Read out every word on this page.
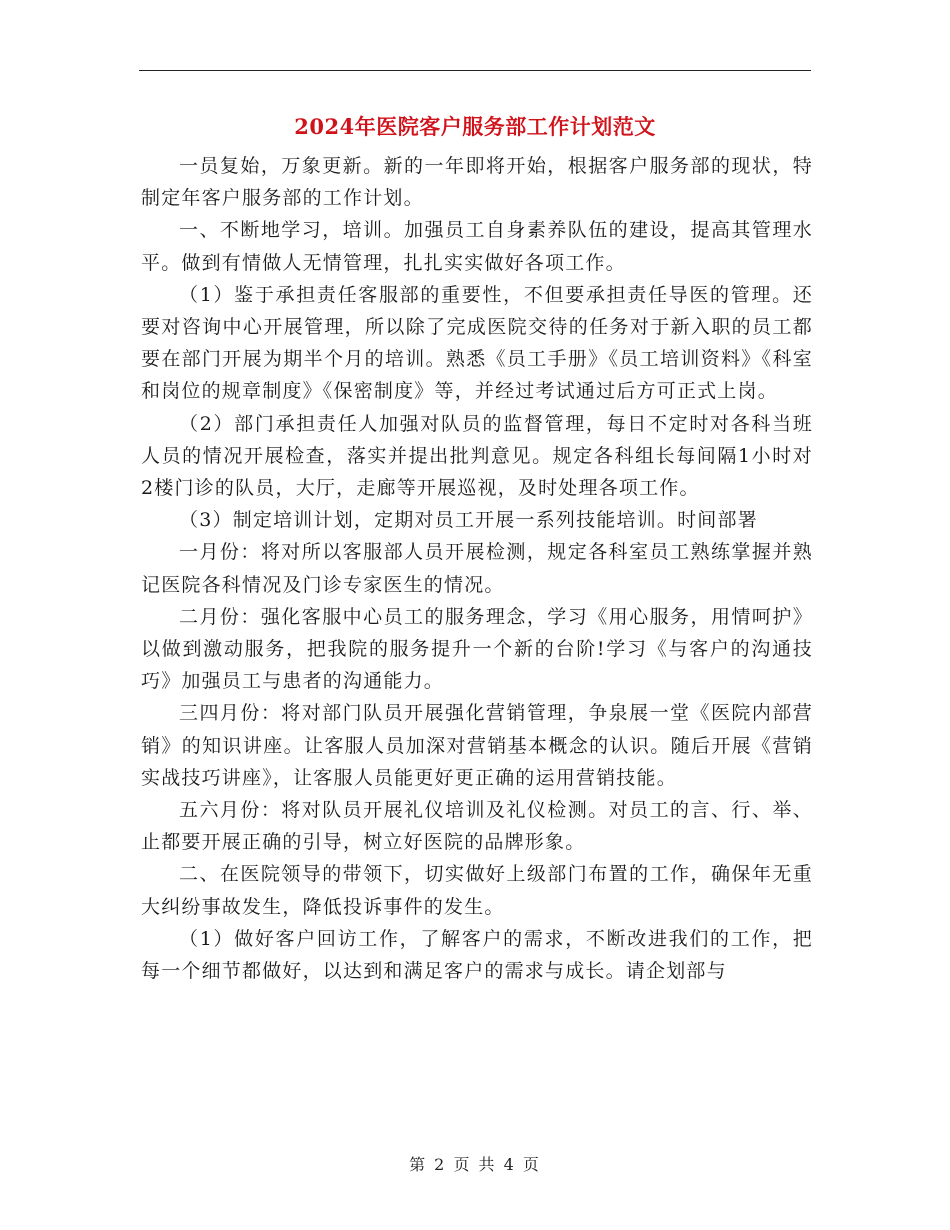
2024年医院客户服务部工作计划范文

一员复始，万象更新。新的一年即将开始，根据客户服务部的现状，特制定年客户服务部的工作计划。

一、不断地学习，培训。加强员工自身素养队伍的建设，提高其管理水平。做到有情做人无情管理，扎扎实实做好各项工作。

（1）鉴于承担责任客服部的重要性，不但要承担责任导医的管理。还要对咨询中心开展管理，所以除了完成医院交待的任务对于新入职的员工都要在部门开展为期半个月的培训。熟悉《员工手册》《员工培训资料》《科室和岗位的规章制度》《保密制度》等，并经过考试通过后方可正式上岗。

（2）部门承担责任人加强对队员的监督管理，每日不定时对各科当班人员的情况开展检查，落实并提出批判意见。规定各科组长每间隔1小时对2楼门诊的队员，大厅，走廊等开展巡视，及时处理各项工作。

（3）制定培训计划，定期对员工开展一系列技能培训。时间部署

一月份：将对所以客服部人员开展检测，规定各科室员工熟练掌握并熟记医院各科情况及门诊专家医生的情况。

二月份：强化客服中心员工的服务理念，学习《用心服务，用情呵护》以做到激动服务，把我院的服务提升一个新的台阶!学习《与客户的沟通技巧》加强员工与患者的沟通能力。

三四月份：将对部门队员开展强化营销管理，争泉展一堂《医院内部营销》的知识讲座。让客服人员加深对营销基本概念的认识。随后开展《营销实战技巧讲座》，让客服人员能更好更正确的运用营销技能。

五六月份：将对队员开展礼仪培训及礼仪检测。对员工的言、行、举、止都要开展正确的引导，树立好医院的品牌形象。

二、在医院领导的带领下，切实做好上级部门布置的工作，确保年无重大纠纷事故发生，降低投诉事件的发生。

（1）做好客户回访工作，了解客户的需求，不断改进我们的工作，把每一个细节都做好，以达到和满足客户的需求与成长。请企划部与

第 2 页 共 4 页
